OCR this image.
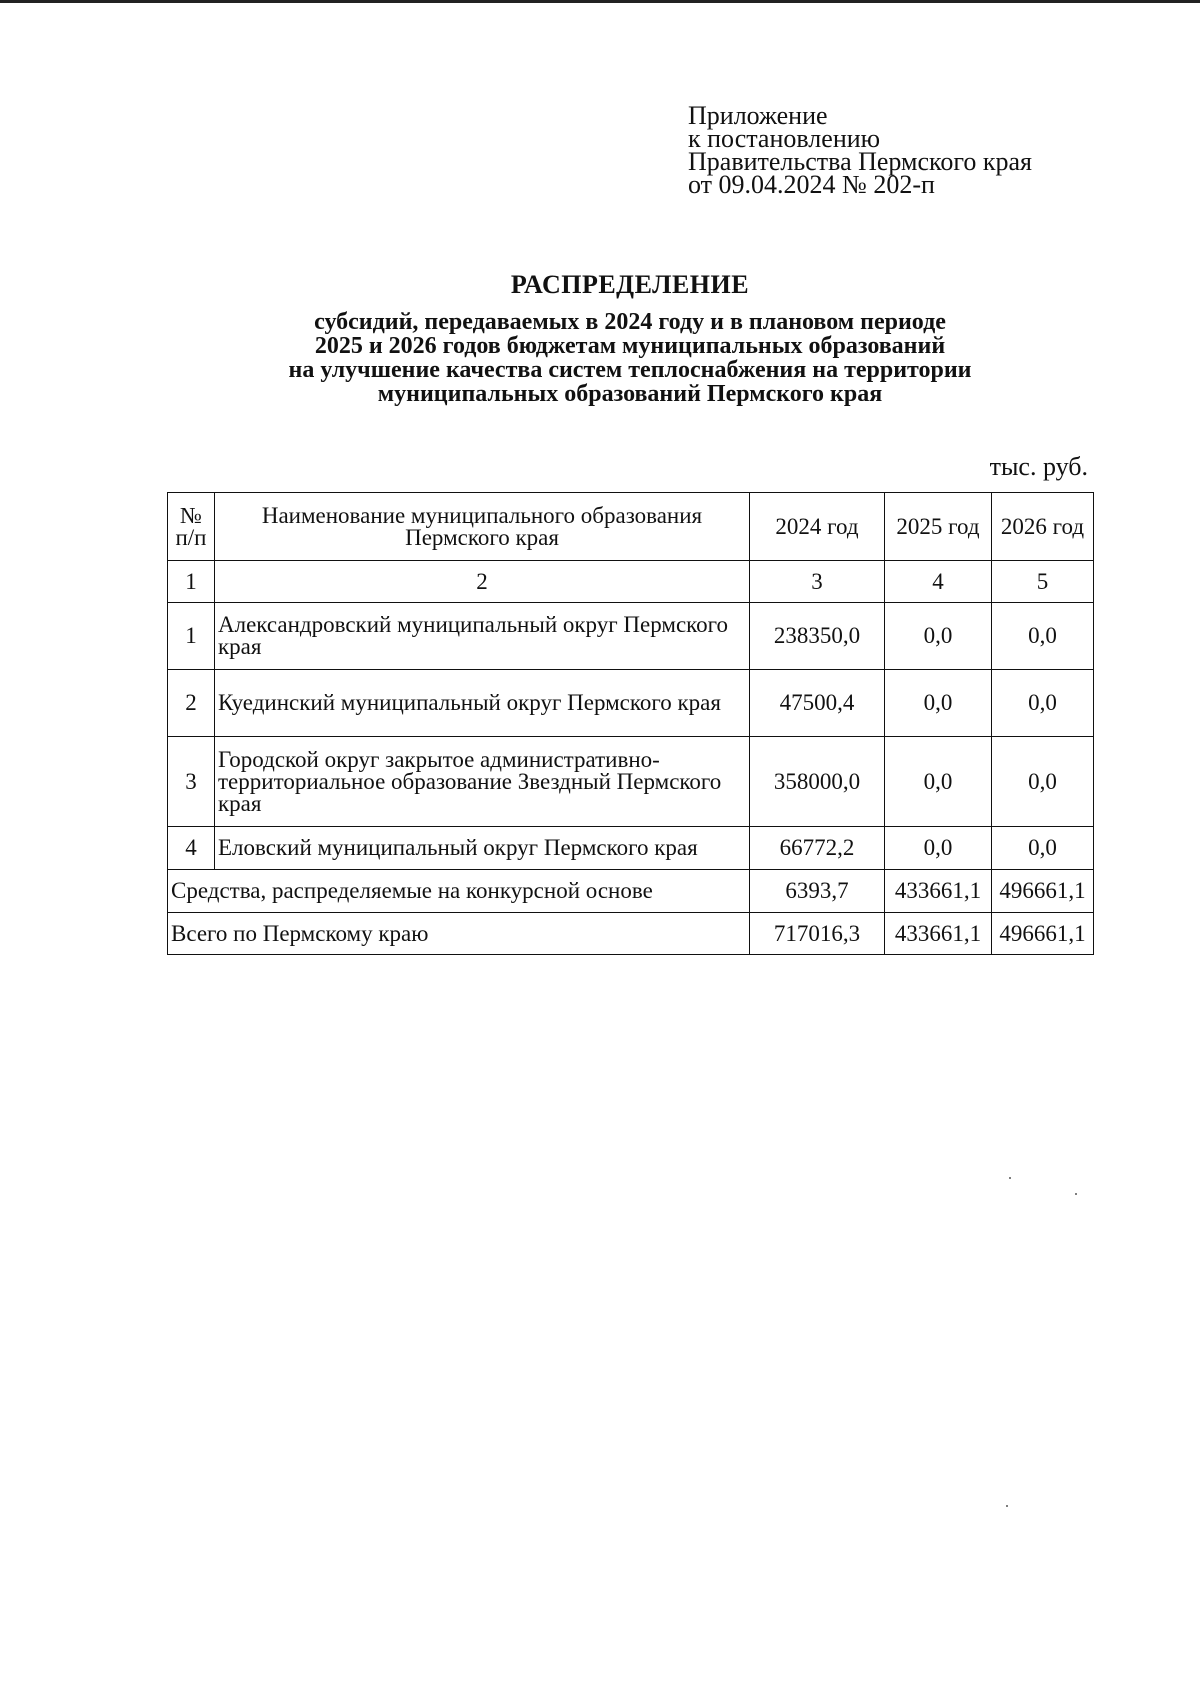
Приложение
к постановлению
Правительства Пермского края
от 09.04.2024 № 202-п
РАСПРЕДЕЛЕНИЕ
субсидий, передаваемых в 2024 году и в плановом периоде
2025 и 2026 годов бюджетам муниципальных образований
на улучшение качества систем теплоснабжения на территории
муниципальных образований Пермского края
тыс. руб.
№ п/п	Наименование муниципального образования Пермского края	2024 год	2025 год	2026 год
1	2	3	4	5
1	Александровский муниципальный округ Пермского края	238350,0	0,0	0,0
2	Куединский муниципальный округ Пермского края	47500,4	0,0	0,0
3	Городской округ закрытое административно-территориальное образование Звездный Пермского края	358000,0	0,0	0,0
4	Еловский муниципальный округ Пермского края	66772,2	0,0	0,0
Средства, распределяемые на конкурсной основе		6393,7	433661,1	496661,1
Всего по Пермскому краю		717016,3	433661,1	496661,1
